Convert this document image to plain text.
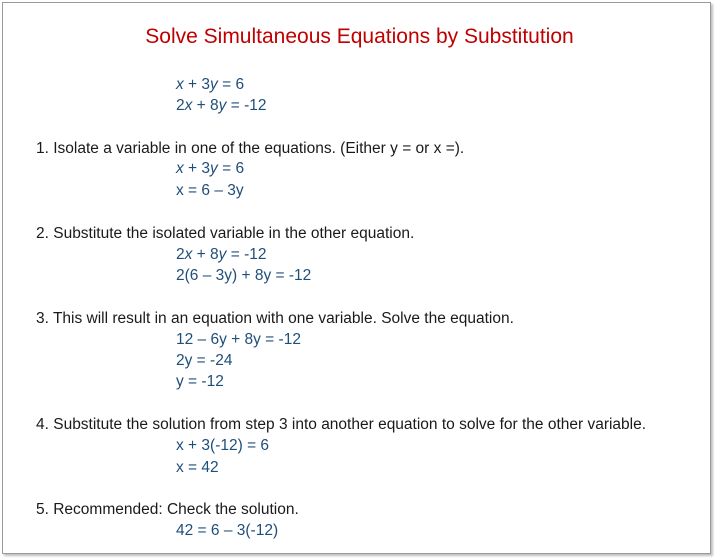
Solve Simultaneous Equations by Substitution

x + 3y = 6

2x + 8y = -12

1. Isolate a variable in one of the equations. (Either y = or x =).

x + 3y = 6

x = 6 – 3y

2. Substitute the isolated variable in the other equation.

2x + 8y = -12

2(6 – 3y) + 8y = -12

3. This will result in an equation with one variable. Solve the equation.

12 – 6y + 8y = -12

2y = -24

y = -12

4. Substitute the solution from step 3 into another equation to solve for the other variable.

x + 3(-12) = 6

x = 42

5. Recommended: Check the solution.

42 = 6 – 3(-12)
